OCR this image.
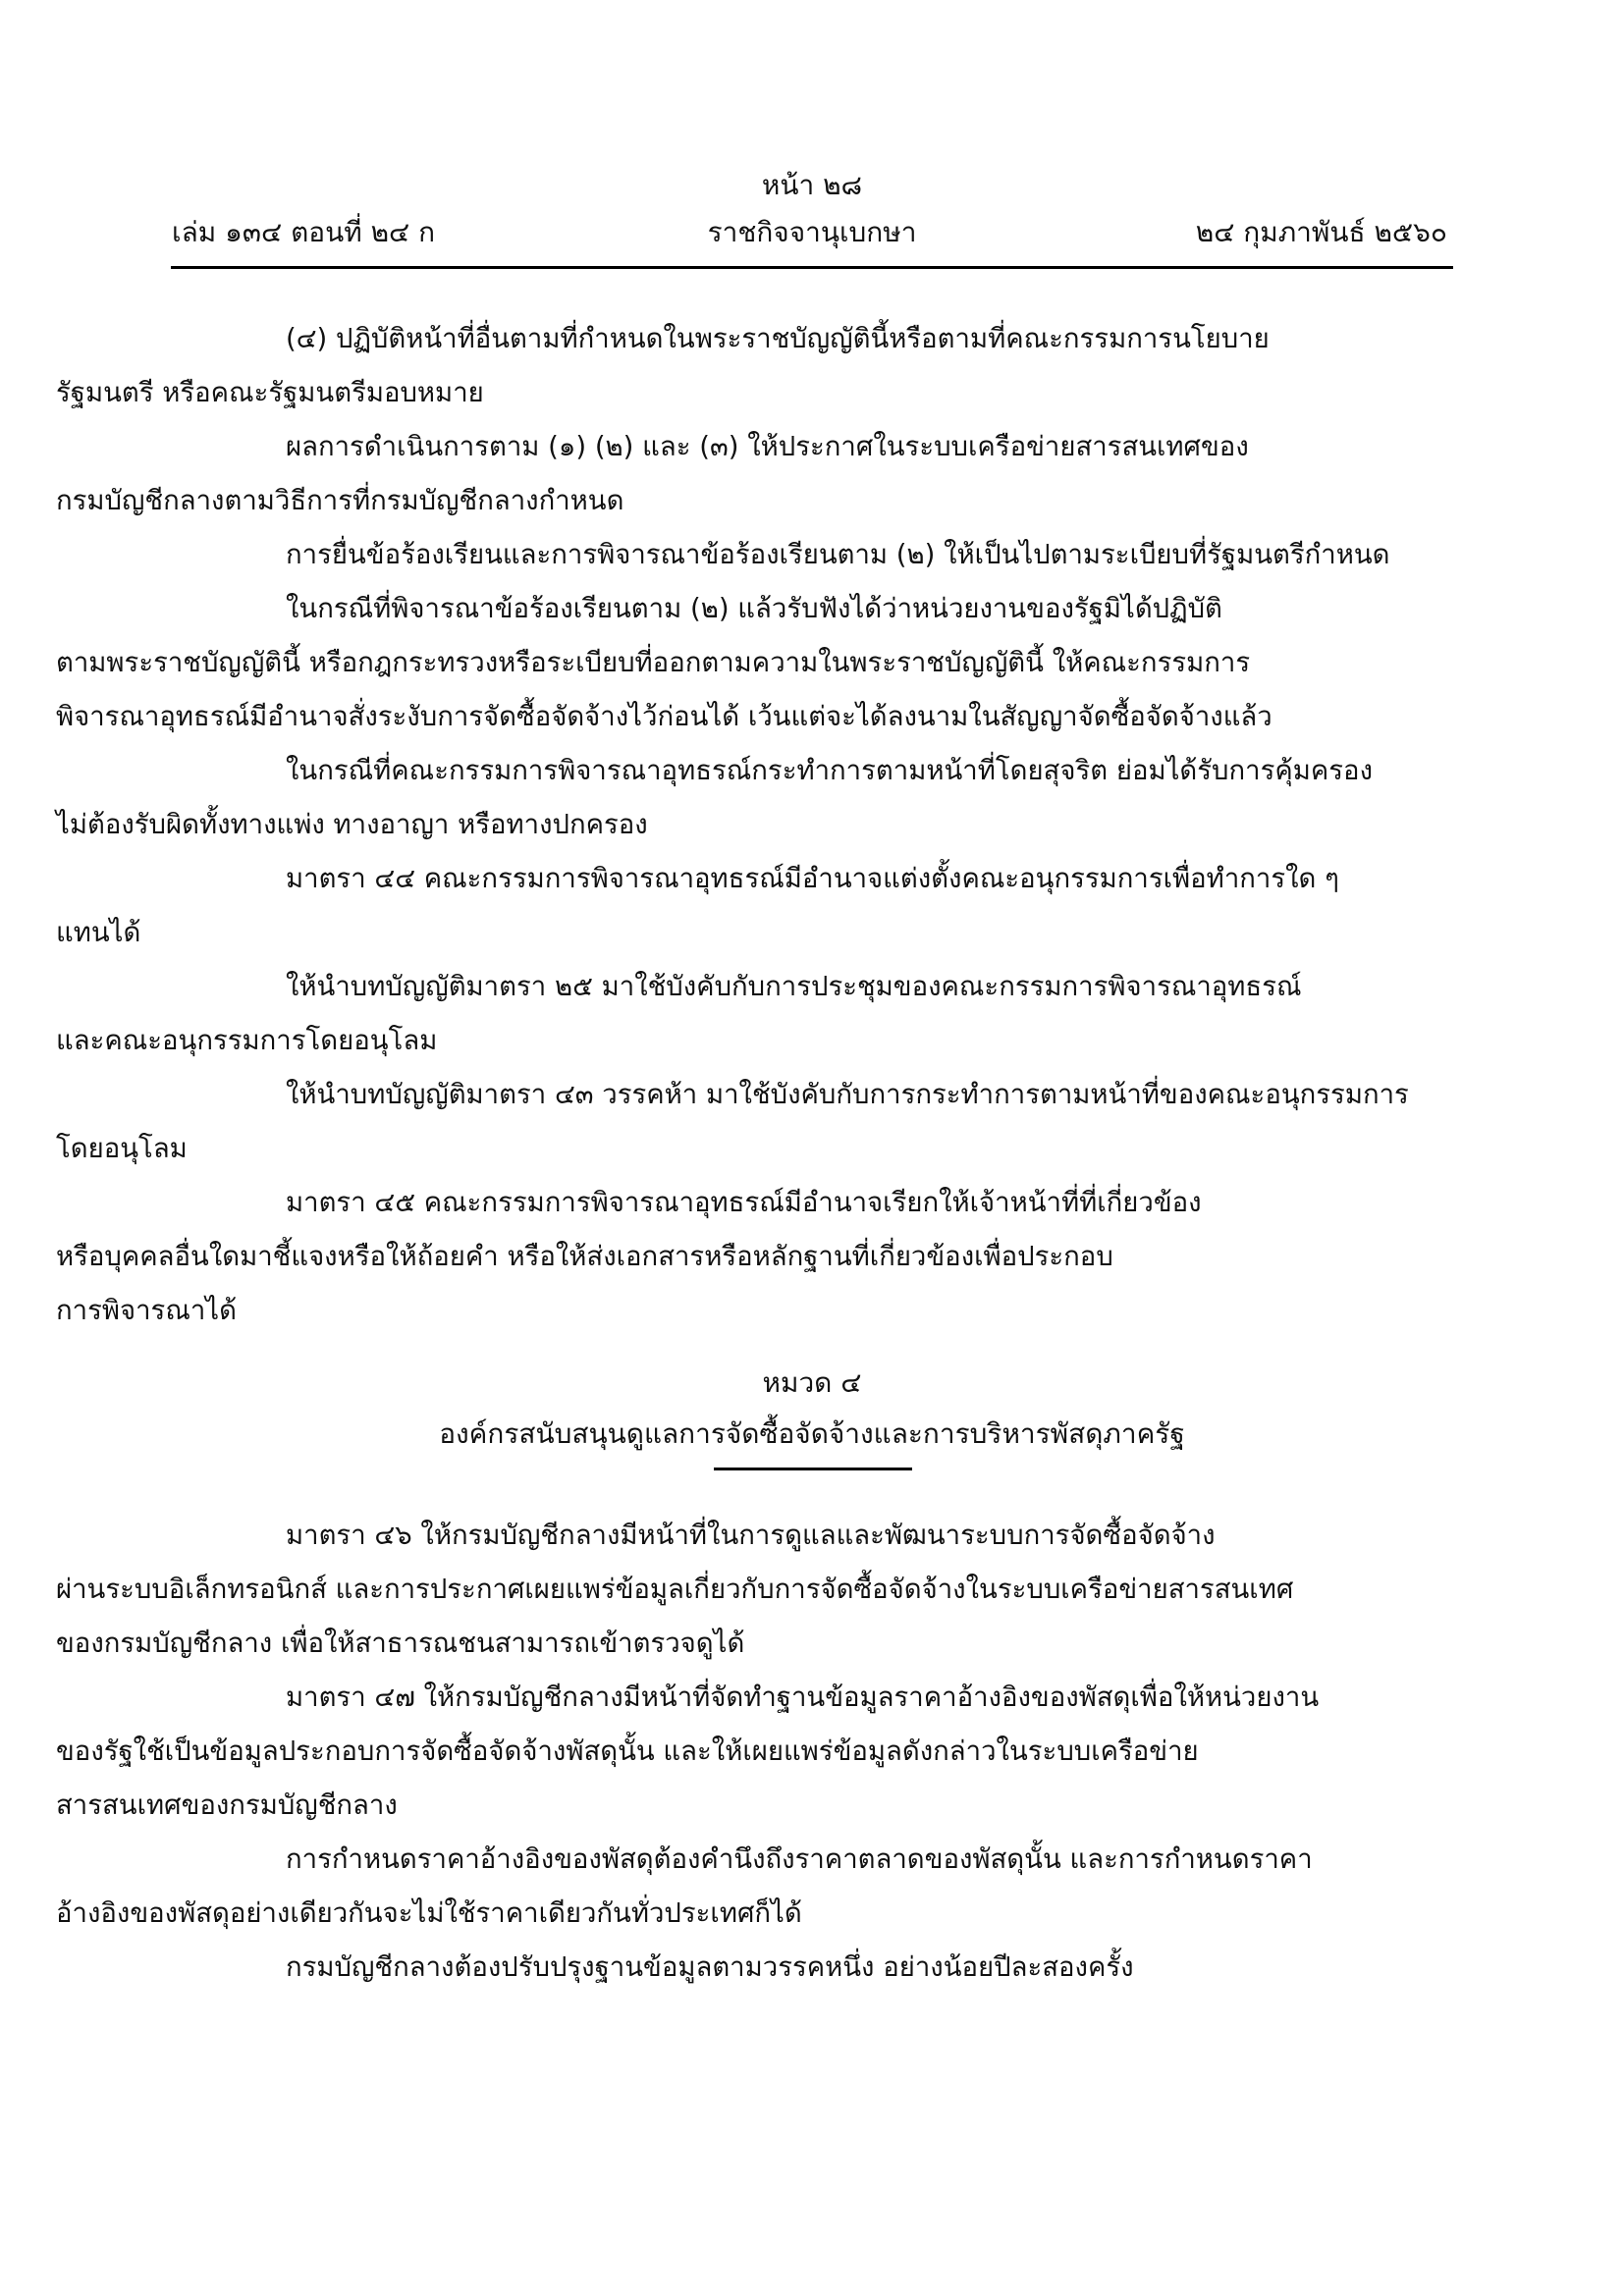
หน้า ๒๘
เล่ม ๑๓๔ ตอนที่ ๒๔ ก	ราชกิจจานุเบกษา	๒๔ กุมภาพันธ์ ๒๕๖๐

(๔) ปฏิบัติหน้าที่อื่นตามที่กำหนดในพระราชบัญญัตินี้หรือตามที่คณะกรรมการนโยบาย
รัฐมนตรี หรือคณะรัฐมนตรีมอบหมาย

ผลการดำเนินการตาม (๑) (๒) และ (๓) ให้ประกาศในระบบเครือข่ายสารสนเทศของ
กรมบัญชีกลางตามวิธีการที่กรมบัญชีกลางกำหนด

การยื่นข้อร้องเรียนและการพิจารณาข้อร้องเรียนตาม (๒) ให้เป็นไปตามระเบียบที่รัฐมนตรีกำหนด

ในกรณีที่พิจารณาข้อร้องเรียนตาม (๒) แล้วรับฟังได้ว่าหน่วยงานของรัฐมิได้ปฏิบัติ
ตามพระราชบัญญัตินี้ หรือกฎกระทรวงหรือระเบียบที่ออกตามความในพระราชบัญญัตินี้ ให้คณะกรรมการ
พิจารณาอุทธรณ์มีอำนาจสั่งระงับการจัดซื้อจัดจ้างไว้ก่อนได้ เว้นแต่จะได้ลงนามในสัญญาจัดซื้อจัดจ้างแล้ว

ในกรณีที่คณะกรรมการพิจารณาอุทธรณ์กระทำการตามหน้าที่โดยสุจริต ย่อมได้รับการคุ้มครอง
ไม่ต้องรับผิดทั้งทางแพ่ง ทางอาญา หรือทางปกครอง

มาตรา ๔๔ คณะกรรมการพิจารณาอุทธรณ์มีอำนาจแต่งตั้งคณะอนุกรรมการเพื่อทำการใด ๆ
แทนได้

ให้นำบทบัญญัติมาตรา ๒๕ มาใช้บังคับกับการประชุมของคณะกรรมการพิจารณาอุทธรณ์
และคณะอนุกรรมการโดยอนุโลม

ให้นำบทบัญญัติมาตรา ๔๓ วรรคห้า มาใช้บังคับกับการกระทำการตามหน้าที่ของคณะอนุกรรมการ
โดยอนุโลม

มาตรา ๔๕ คณะกรรมการพิจารณาอุทธรณ์มีอำนาจเรียกให้เจ้าหน้าที่ที่เกี่ยวข้อง
หรือบุคคลอื่นใดมาชี้แจงหรือให้ถ้อยคำ หรือให้ส่งเอกสารหรือหลักฐานที่เกี่ยวข้องเพื่อประกอบ
การพิจารณาได้

หมวด ๔
องค์กรสนับสนุนดูแลการจัดซื้อจัดจ้างและการบริหารพัสดุภาครัฐ

มาตรา ๔๖ ให้กรมบัญชีกลางมีหน้าที่ในการดูแลและพัฒนาระบบการจัดซื้อจัดจ้าง
ผ่านระบบอิเล็กทรอนิกส์ และการประกาศเผยแพร่ข้อมูลเกี่ยวกับการจัดซื้อจัดจ้างในระบบเครือข่ายสารสนเทศ
ของกรมบัญชีกลาง เพื่อให้สาธารณชนสามารถเข้าตรวจดูได้

มาตรา ๔๗ ให้กรมบัญชีกลางมีหน้าที่จัดทำฐานข้อมูลราคาอ้างอิงของพัสดุเพื่อให้หน่วยงาน
ของรัฐใช้เป็นข้อมูลประกอบการจัดซื้อจัดจ้างพัสดุนั้น และให้เผยแพร่ข้อมูลดังกล่าวในระบบเครือข่าย
สารสนเทศของกรมบัญชีกลาง

การกำหนดราคาอ้างอิงของพัสดุต้องคำนึงถึงราคาตลาดของพัสดุนั้น และการกำหนดราคา
อ้างอิงของพัสดุอย่างเดียวกันจะไม่ใช้ราคาเดียวกันทั่วประเทศก็ได้

กรมบัญชีกลางต้องปรับปรุงฐานข้อมูลตามวรรคหนึ่ง อย่างน้อยปีละสองครั้ง
